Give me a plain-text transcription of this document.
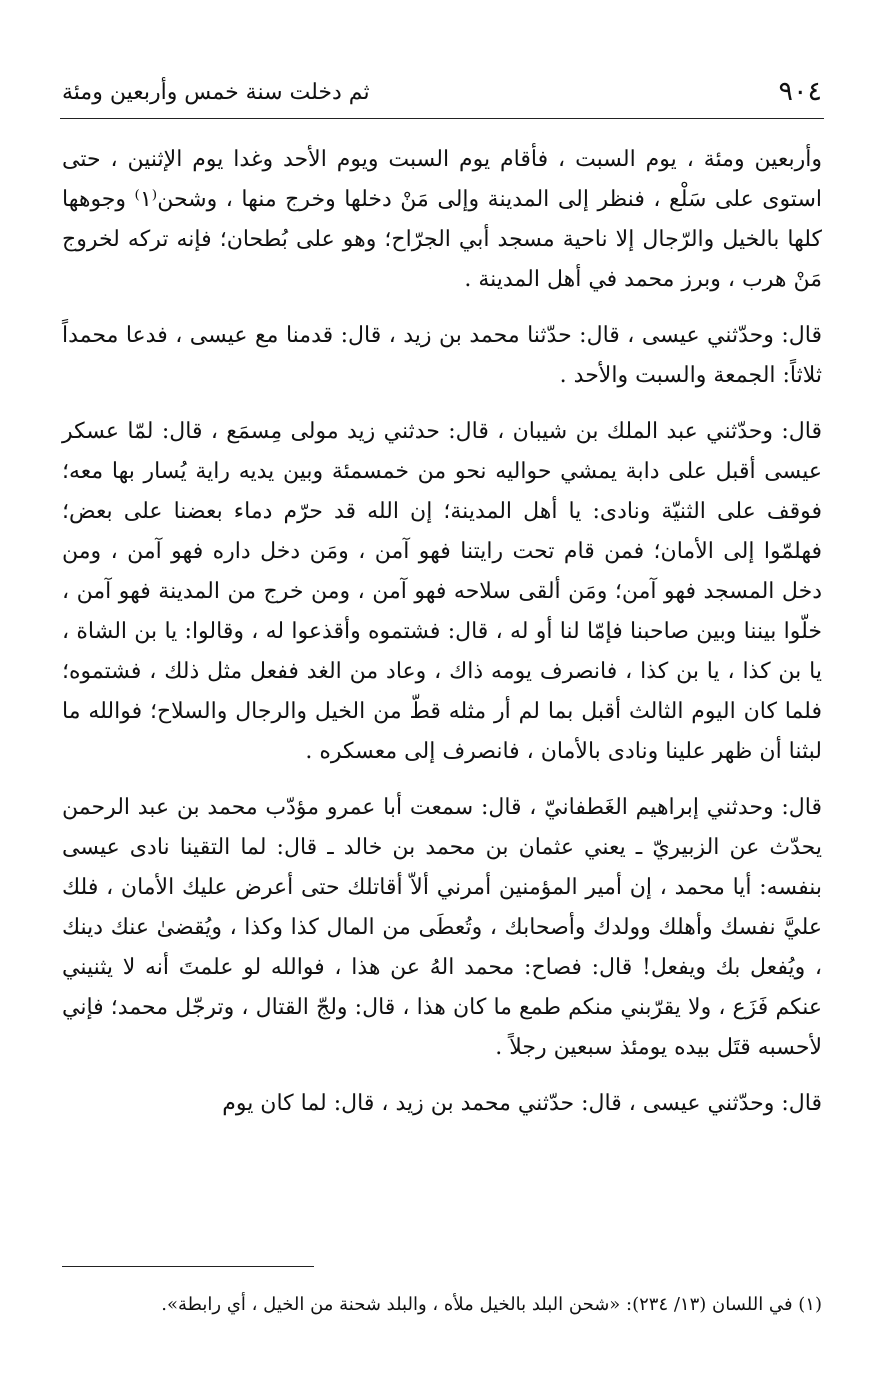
٩٠٤
ثم دخلت سنة خمس وأربعين ومئة

وأربعين ومئة ، يوم السبت ، فأقام يوم السبت ويوم الأحد وغدا يوم الإثنين ، حتى استوى على سَلْع ، فنظر إلى المدينة وإلى مَنْ دخلها وخرج منها ، وشحن⁽١⁾ وجوهها كلها بالخيل والرّجال إلا ناحية مسجد أبي الجرّاح؛ وهو على بُطحان؛ فإنه تركه لخروج مَنْ هرب ، وبرز محمد في أهل المدينة .

قال: وحدّثني عيسى ، قال: حدّثنا محمد بن زيد ، قال: قدمنا مع عيسى ، فدعا محمداً ثلاثاً: الجمعة والسبت والأحد .

قال: وحدّثني عبد الملك بن شيبان ، قال: حدثني زيد مولى مِسمَع ، قال: لمّا عسكر عيسى أقبل على دابة يمشي حواليه نحو من خمسمئة وبين يديه راية يُسار بها معه؛ فوقف على الثنيّة ونادى: يا أهل المدينة؛ إن الله قد حرّم دماء بعضنا على بعض؛ فهلمّوا إلى الأمان؛ فمن قام تحت رايتنا فهو آمن ، ومَن دخل داره فهو آمن ، ومن دخل المسجد فهو آمن؛ ومَن ألقى سلاحه فهو آمن ، ومن خرج من المدينة فهو آمن ، خلّوا بيننا وبين صاحبنا فإمّا لنا أو له ، قال: فشتموه وأقذعوا له ، وقالوا: يا بن الشاة ، يا بن كذا ، يا بن كذا ، فانصرف يومه ذاك ، وعاد من الغد ففعل مثل ذلك ، فشتموه؛ فلما كان اليوم الثالث أقبل بما لم أر مثله قطّ من الخيل والرجال والسلاح؛ فوالله ما لبثنا أن ظهر علينا ونادى بالأمان ، فانصرف إلى معسكره .

قال: وحدثني إبراهيم الغَطفانيّ ، قال: سمعت أبا عمرو مؤدّب محمد بن عبد الرحمن يحدّث عن الزبيريّ ـ يعني عثمان بن محمد بن خالد ـ قال: لما التقينا نادى عيسى بنفسه: أيا محمد ، إن أمير المؤمنين أمرني ألاّ أقاتلك حتى أعرض عليك الأمان ، فلك عليَّ نفسك وأهلك وولدك وأصحابك ، وتُعطَى من المال كذا وكذا ، ويُقضىٰ عنك دينك ، ويُفعل بك ويفعل! قال: فصاح: محمد الهُ عن هذا ، فوالله لو علمتَ أنه لا يثنيني عنكم فَزَع ، ولا يقرّبني منكم طمع ما كان هذا ، قال: ولجّ القتال ، وترجّل محمد؛ فإني لأحسبه قتَل بيده يومئذ سبعين رجلاً .

قال: وحدّثني عيسى ، قال: حدّثني محمد بن زيد ، قال: لما كان يوم

(١) في اللسان (١٣/ ٢٣٤): «شحن البلد بالخيل ملأه ، والبلد شحنة من الخيل ، أي رابطة».
